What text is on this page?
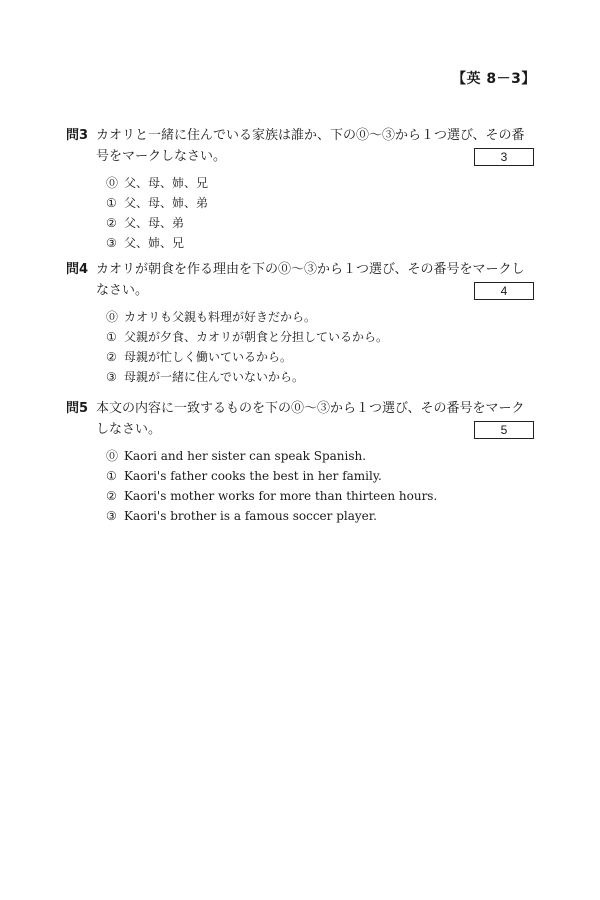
【英 8－3】
問3 カオリと一緒に住んでいる家族は誰か、下の⓪～③から１つ選び、その番号をマークしなさい。	3
⓪ 父、母、姉、兄
① 父、母、姉、弟
② 父、母、弟
③ 父、姉、兄
問4 カオリが朝食を作る理由を下の⓪～③から１つ選び、その番号をマークしなさい。	4
⓪ カオリも父親も料理が好きだから。
① 父親が夕食、カオリが朝食と分担しているから。
② 母親が忙しく働いているから。
③ 母親が一緒に住んでいないから。
問5 本文の内容に一致するものを下の⓪～③から１つ選び、その番号をマークしなさい。	5
⓪ Kaori and her sister can speak Spanish.
① Kaori's father cooks the best in her family.
② Kaori's mother works for more than thirteen hours.
③ Kaori's brother is a famous soccer player.
